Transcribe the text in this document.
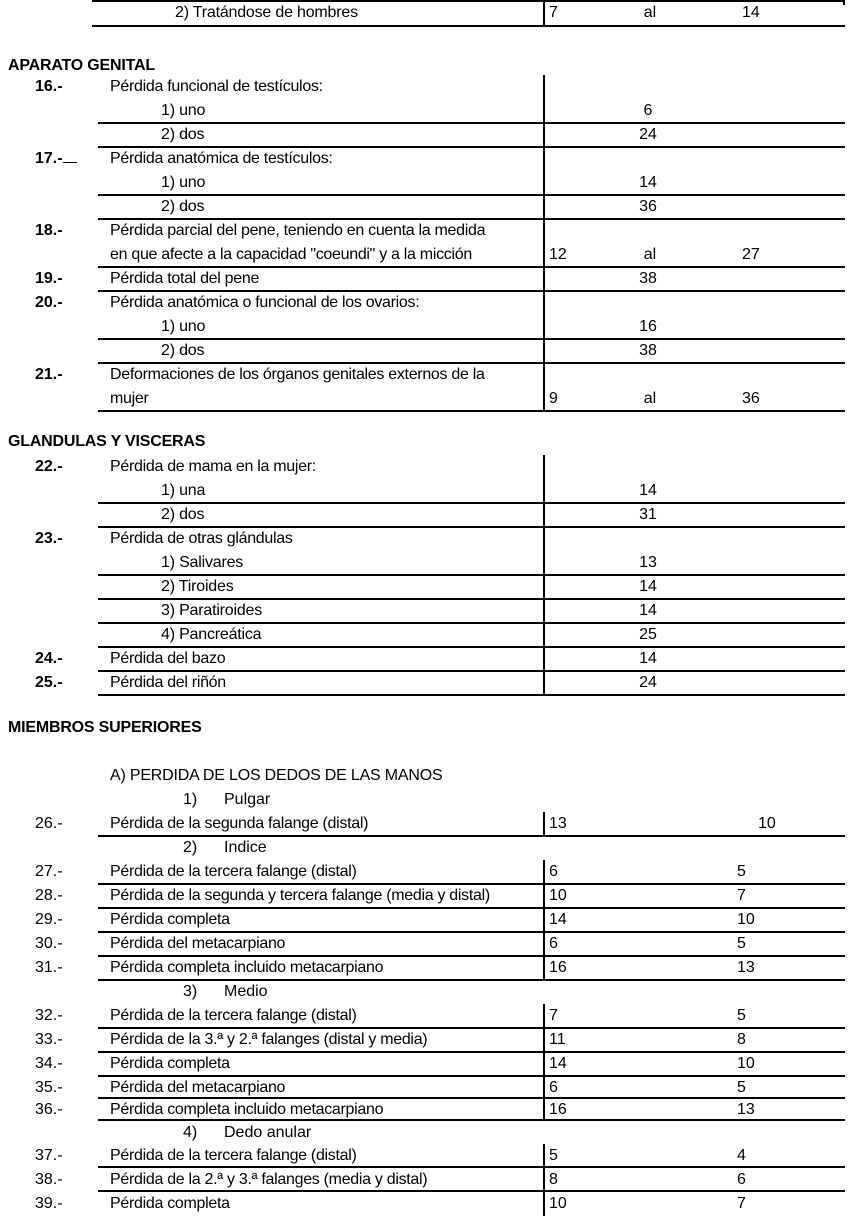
2) Tratándose de hombres	7	al	14
APARATO GENITAL
16.-	Pérdida funcional de testículos:
1) uno	6
2) dos	24
17.-	Pérdida anatómica de testículos:
1) uno	14
2) dos	36
18.-	Pérdida parcial del pene, teniendo en cuenta la medida
en que afecte a la capacidad "coeundi" y a la micción	12	al	27
19.-	Pérdida total del pene	38
20.-	Pérdida anatómica o funcional de los ovarios:
1) uno	16
2) dos	38
21.-	Deformaciones de los órganos genitales externos de la
mujer	9	al	36
GLANDULAS Y VISCERAS
22.-	Pérdida de mama en la mujer:
1) una	14
2) dos	31
23.-	Pérdida de otras glándulas
1) Salivares	13
2) Tiroides	14
3) Paratiroides	14
4) Pancreática	25
24.-	Pérdida del bazo	14
25.-	Pérdida del riñón	24
MIEMBROS SUPERIORES
A) PERDIDA DE LOS DEDOS DE LAS MANOS
1) Pulgar
26.-	Pérdida de la segunda falange (distal)	13	10
2) Indice
27.-	Pérdida de la tercera falange (distal)	6	5
28.-	Pérdida de la segunda y tercera falange (media y distal)	10	7
29.-	Pérdida completa	14	10
30.-	Pérdida del metacarpiano	6	5
31.-	Pérdida completa incluido metacarpiano	16	13
3) Medio
32.-	Pérdida de la tercera falange (distal)	7	5
33.-	Pérdida de la 3.ª y 2.ª falanges (distal y media)	11	8
34.-	Pérdida completa	14	10
35.-	Pérdida del metacarpiano	6	5
36.-	Pérdida completa incluido metacarpiano	16	13
4) Dedo anular
37.-	Pérdida de la tercera falange (distal)	5	4
38.-	Pérdida de la 2.ª y 3.ª falanges (media y distal)	8	6
39.-	Pérdida completa	10	7
